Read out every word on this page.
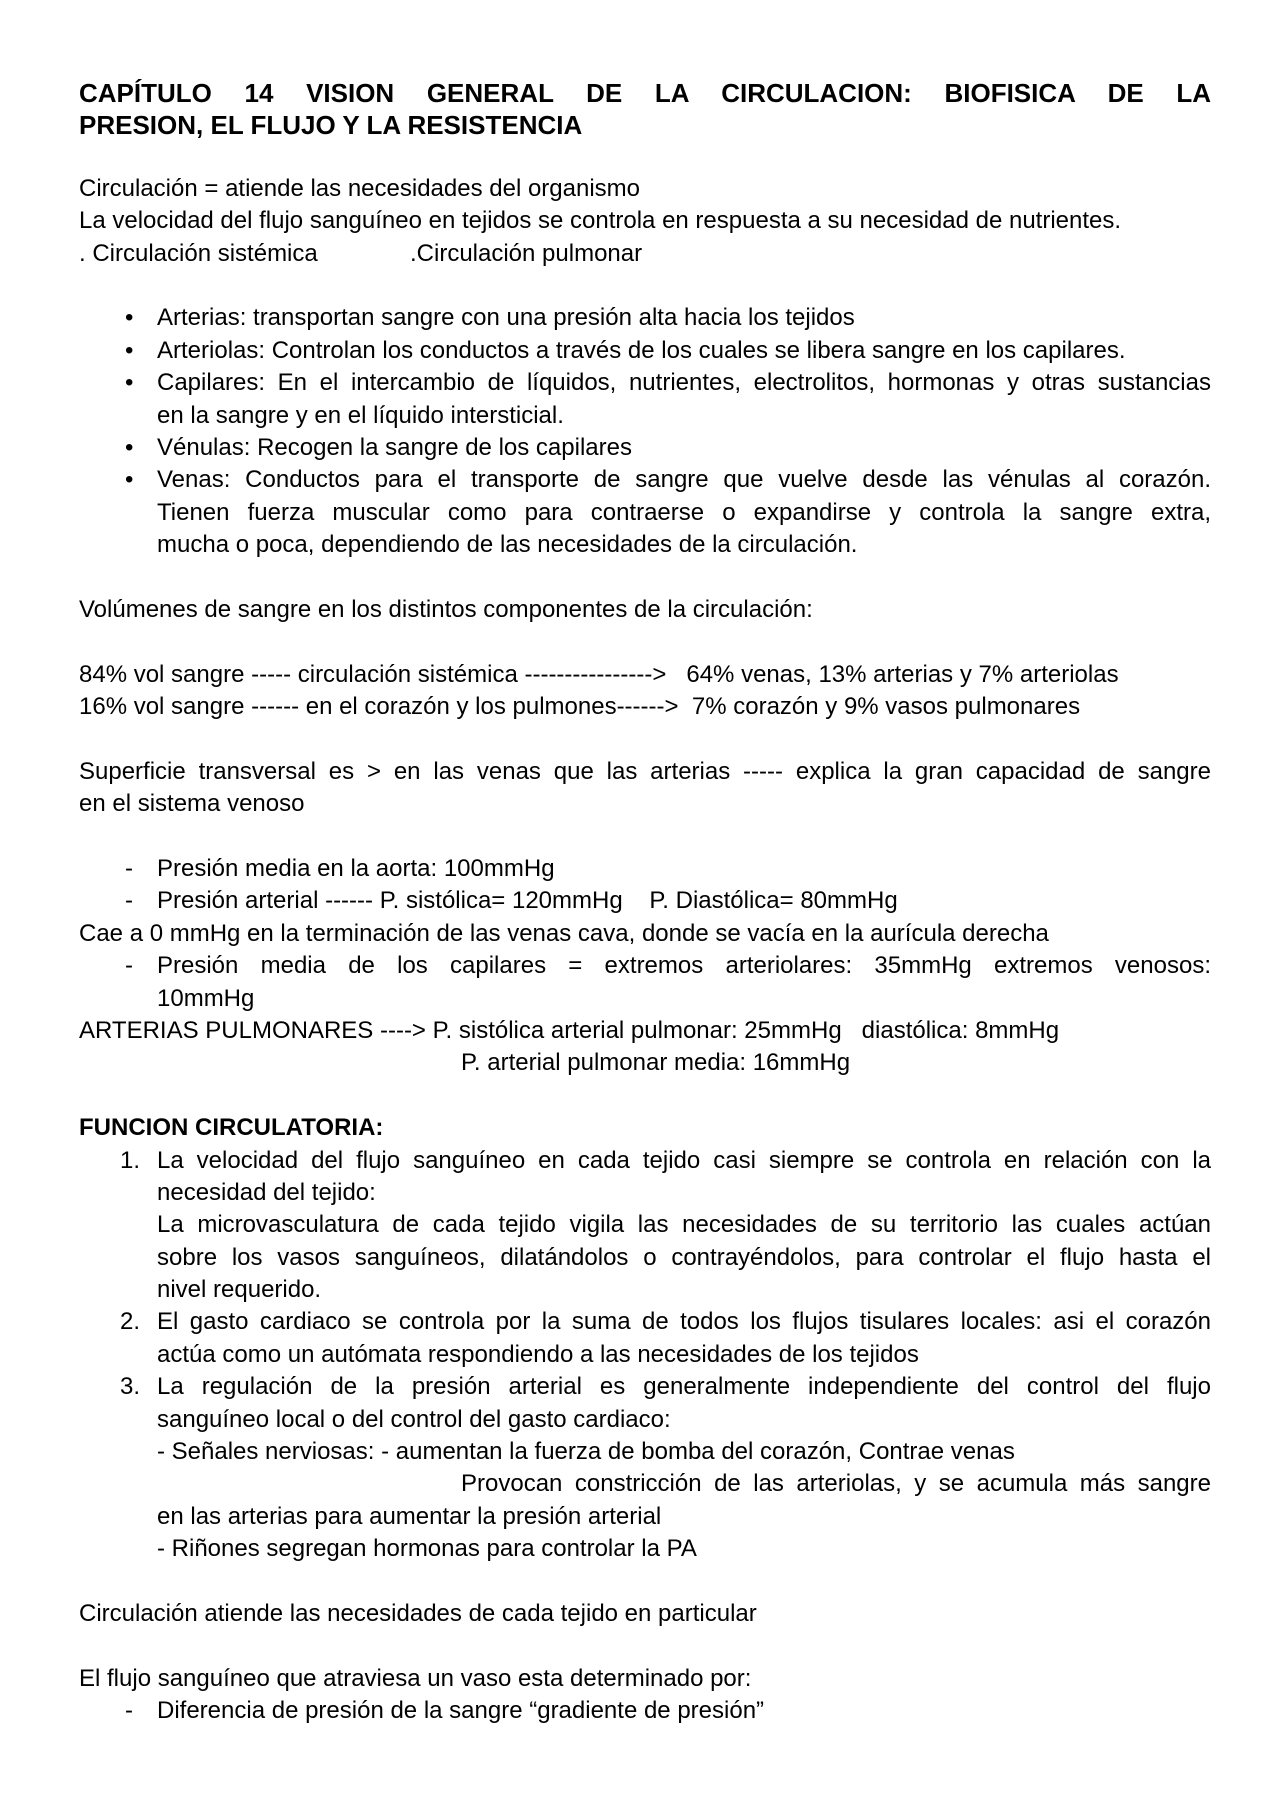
CAPÍTULO 14 VISION GENERAL DE LA CIRCULACION: BIOFISICA DE LA
PRESION, EL FLUJO Y LA RESISTENCIA
Circulación = atiende las necesidades del organismo
La velocidad del flujo sanguíneo en tejidos se controla en respuesta a su necesidad de nutrientes.
. Circulación sistémica	.Circulación pulmonar
• Arterias: transportan sangre con una presión alta hacia los tejidos
• Arteriolas: Controlan los conductos a través de los cuales se libera sangre en los capilares.
• Capilares: En el intercambio de líquidos, nutrientes, electrolitos, hormonas y otras sustancias
en la sangre y en el líquido intersticial.
• Vénulas: Recogen la sangre de los capilares
• Venas: Conductos para el transporte de sangre que vuelve desde las vénulas al corazón.
Tienen fuerza muscular como para contraerse o expandirse y controla la sangre extra,
mucha o poca, dependiendo de las necesidades de la circulación.
Volúmenes de sangre en los distintos componentes de la circulación:
84% vol sangre ----- circulación sistémica ---------------->   64% venas, 13% arterias y 7% arteriolas
16% vol sangre ------ en el corazón y los pulmones------>  7% corazón y 9% vasos pulmonares
Superficie transversal es > en las venas que las arterias ----- explica la gran capacidad de sangre
en el sistema venoso
- Presión media en la aorta: 100mmHg
- Presión arterial ------ P. sistólica= 120mmHg    P. Diastólica= 80mmHg
Cae a 0 mmHg en la terminación de las venas cava, donde se vacía en la aurícula derecha
- Presión media de los capilares = extremos arteriolares: 35mmHg extremos venosos:
10mmHg
ARTERIAS PULMONARES ----> P. sistólica arterial pulmonar: 25mmHg   diastólica: 8mmHg
P. arterial pulmonar media: 16mmHg
FUNCION CIRCULATORIA:
1. La velocidad del flujo sanguíneo en cada tejido casi siempre se controla en relación con la
necesidad del tejido:
La microvasculatura de cada tejido vigila las necesidades de su territorio las cuales actúan
sobre los vasos sanguíneos, dilatándolos o contrayéndolos, para controlar el flujo hasta el
nivel requerido.
2. El gasto cardiaco se controla por la suma de todos los flujos tisulares locales: asi el corazón
actúa como un autómata respondiendo a las necesidades de los tejidos
3. La regulación de la presión arterial es generalmente independiente del control del flujo
sanguíneo local o del control del gasto cardiaco:
- Señales nerviosas: - aumentan la fuerza de bomba del corazón, Contrae venas
Provocan constricción de las arteriolas, y se acumula más sangre
en las arterias para aumentar la presión arterial
- Riñones segregan hormonas para controlar la PA
Circulación atiende las necesidades de cada tejido en particular
El flujo sanguíneo que atraviesa un vaso esta determinado por:
- Diferencia de presión de la sangre “gradiente de presión”
